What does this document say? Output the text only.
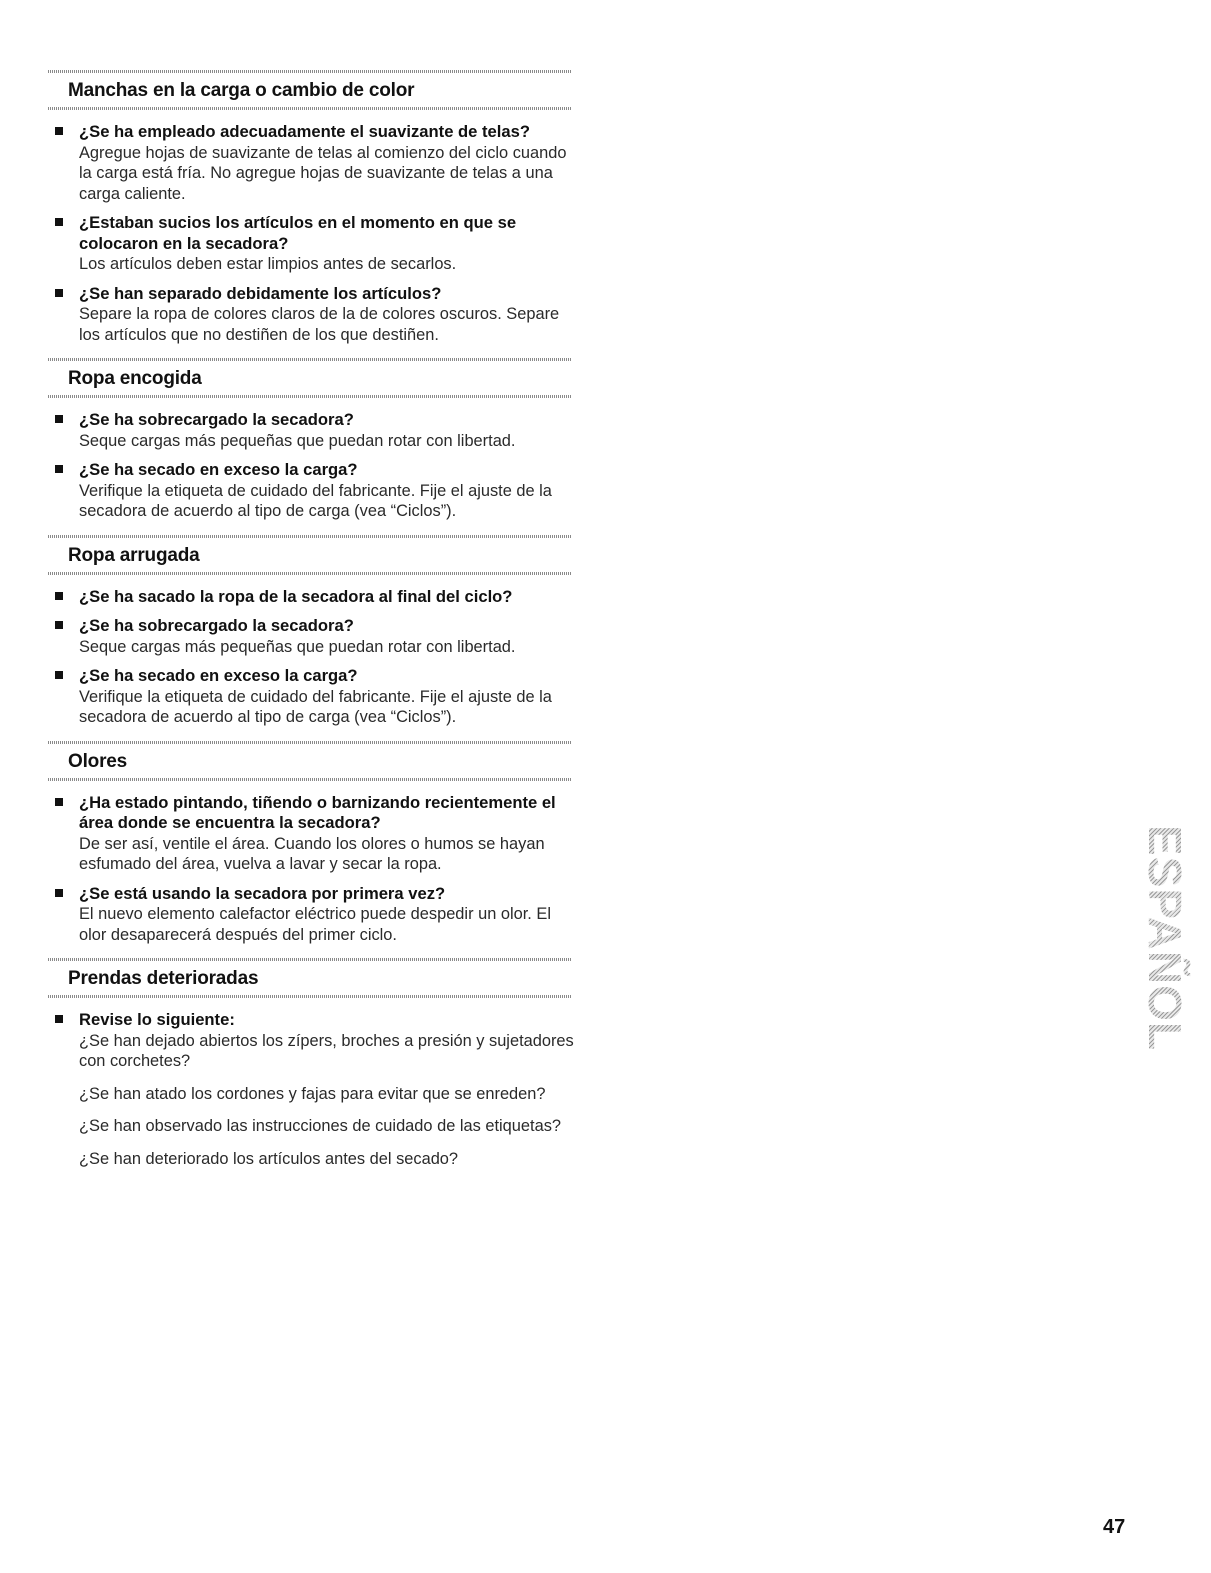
Manchas en la carga o cambio de color
¿Se ha empleado adecuadamente el suavizante de telas?
Agregue hojas de suavizante de telas al comienzo del ciclo cuando la carga está fría. No agregue hojas de suavizante de telas a una carga caliente.
¿Estaban sucios los artículos en el momento en que se colocaron en la secadora?
Los artículos deben estar limpios antes de secarlos.
¿Se han separado debidamente los artículos?
Separe la ropa de colores claros de la de colores oscuros. Separe los artículos que no destiñen de los que destiñen.
Ropa encogida
¿Se ha sobrecargado la secadora?
Seque cargas más pequeñas que puedan rotar con libertad.
¿Se ha secado en exceso la carga?
Verifique la etiqueta de cuidado del fabricante. Fije el ajuste de la secadora de acuerdo al tipo de carga (vea “Ciclos”).
Ropa arrugada
¿Se ha sacado la ropa de la secadora al final del ciclo?
¿Se ha sobrecargado la secadora?
Seque cargas más pequeñas que puedan rotar con libertad.
¿Se ha secado en exceso la carga?
Verifique la etiqueta de cuidado del fabricante. Fije el ajuste de la secadora de acuerdo al tipo de carga (vea “Ciclos”).
Olores
¿Ha estado pintando, tiñendo o barnizando recientemente el área donde se encuentra la secadora?
De ser así, ventile el área. Cuando los olores o humos se hayan esfumado del área, vuelva a lavar y secar la ropa.
¿Se está usando la secadora por primera vez?
El nuevo elemento calefactor eléctrico puede despedir un olor. El olor desaparecerá después del primer ciclo.
Prendas deterioradas
Revise lo siguiente:
¿Se han dejado abiertos los zípers, broches a presión y sujetadores con corchetes?
¿Se han atado los cordones y fajas para evitar que se enreden?
¿Se han observado las instrucciones de cuidado de las etiquetas?
¿Se han deteriorado los artículos antes del secado?
ESPAÑOL
47
